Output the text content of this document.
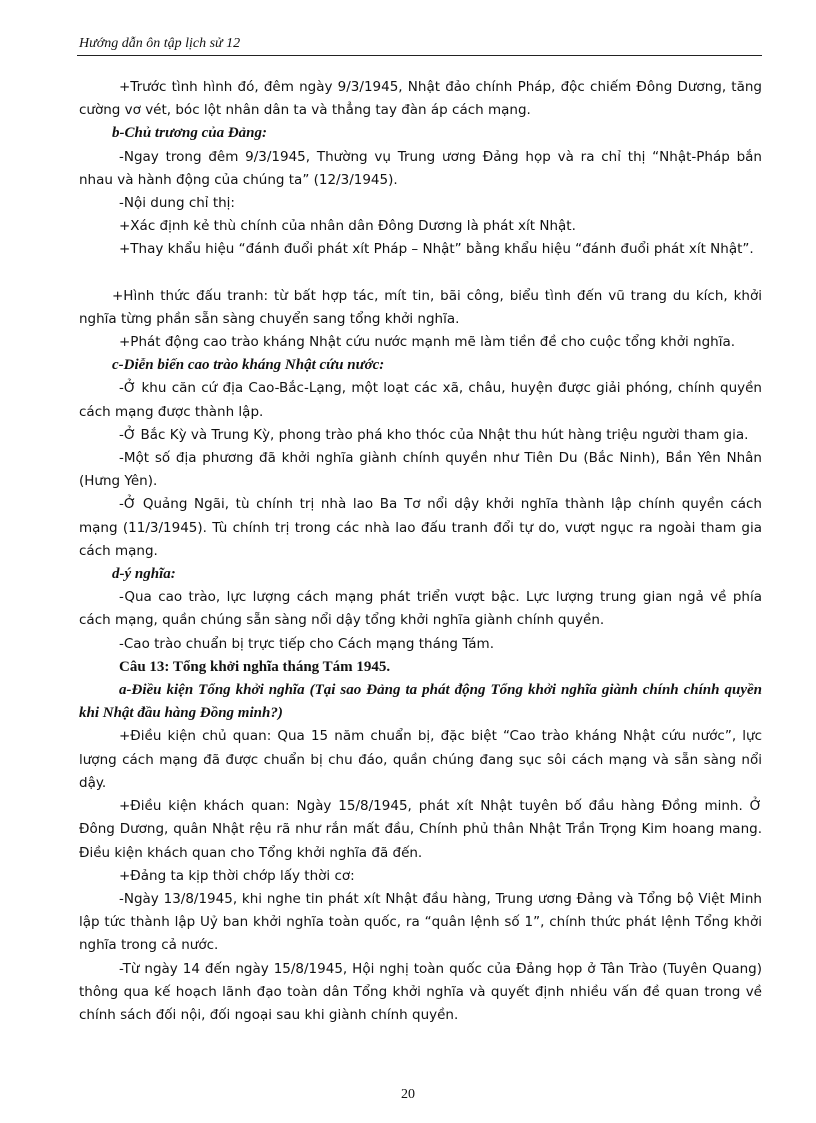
Hướng dẫn ôn tập lịch sử 12

+Trước tình hình đó, đêm ngày 9/3/1945, Nhật đảo chính Pháp, độc chiếm Đông Dương, tăng cường vơ vét, bóc lột nhân dân ta và thẳng tay đàn áp cách mạng.

b-Chủ trương của Đảng:

-Ngay trong đêm 9/3/1945, Thường vụ Trung ương Đảng họp và ra chỉ thị “Nhật-Pháp bắn nhau và hành động của chúng ta” (12/3/1945).

-Nội dung chỉ thị:

+Xác định kẻ thù chính của nhân dân Đông Dương là phát xít Nhật.

+Thay khẩu hiệu “đánh đuổi phát xít Pháp – Nhật” bằng khẩu hiệu “đánh đuổi phát xít Nhật”.

+Hình thức đấu tranh: từ bất hợp tác, mít tin, bãi công, biểu tình đến vũ trang du kích, khởi nghĩa từng phần sẵn sàng chuyển sang tổng khởi nghĩa.

+Phát động cao trào kháng Nhật cứu nước mạnh mẽ làm tiền đề cho cuộc tổng khởi nghĩa.

c-Diễn biến cao trào kháng Nhật cứu nước:

-Ở khu căn cứ địa Cao-Bắc-Lạng, một loạt các xã, châu, huyện được giải phóng, chính quyền cách mạng được thành lập.

-Ở Bắc Kỳ và Trung Kỳ, phong trào phá kho thóc của Nhật thu hút hàng triệu người tham gia.

-Một số địa phương đã khởi nghĩa giành chính quyền như Tiên Du (Bắc Ninh), Bần Yên Nhân (Hưng Yên).

-Ở Quảng Ngãi, tù chính trị nhà lao Ba Tơ nổi dậy khởi nghĩa thành lập chính quyền cách mạng (11/3/1945). Tù chính trị trong các nhà lao đấu tranh đổi tự do, vượt ngục ra ngoài tham gia cách mạng.

d-ý nghĩa:

-Qua cao trào, lực lượng cách mạng phát triển vượt bậc. Lực lượng trung gian ngả về phía cách mạng, quần chúng sẵn sàng nổi dậy tổng khởi nghĩa giành chính quyền.

-Cao trào chuẩn bị trực tiếp cho Cách mạng tháng Tám.

Câu 13: Tổng khởi nghĩa tháng Tám 1945.

a-Điều kiện Tổng khởi nghĩa (Tại sao Đảng ta phát động Tổng khởi nghĩa giành chính chính quyền khi Nhật đầu hàng Đồng minh?)

+Điều kiện chủ quan: Qua 15 năm chuẩn bị, đặc biệt “Cao trào kháng Nhật cứu nước”, lực lượng cách mạng đã được chuẩn bị chu đáo, quần chúng đang sục sôi cách mạng và sẵn sàng nổi dậy.

+Điều kiện khách quan: Ngày 15/8/1945, phát xít Nhật tuyên bố đầu hàng Đồng minh. Ở Đông Dương, quân Nhật rệu rã như rắn mất đầu, Chính phủ thân Nhật Trần Trọng Kim hoang mang. Điều kiện khách quan cho Tổng khởi nghĩa đã đến.

+Đảng ta kịp thời chớp lấy thời cơ:

-Ngày 13/8/1945, khi nghe tin phát xít Nhật đầu hàng, Trung ương Đảng và Tổng bộ Việt Minh lập tức thành lập Uỷ ban khởi nghĩa toàn quốc, ra “quân lệnh số 1”, chính thức phát lệnh Tổng khởi nghĩa trong cả nước.

-Từ ngày 14 đến ngày 15/8/1945, Hội nghị toàn quốc của Đảng họp ở Tân Trào (Tuyên Quang) thông qua kế hoạch lãnh đạo toàn dân Tổng khởi nghĩa và quyết định nhiều vấn đề quan trong về chính sách đối nội, đối ngoại sau khi giành chính quyền.

20
